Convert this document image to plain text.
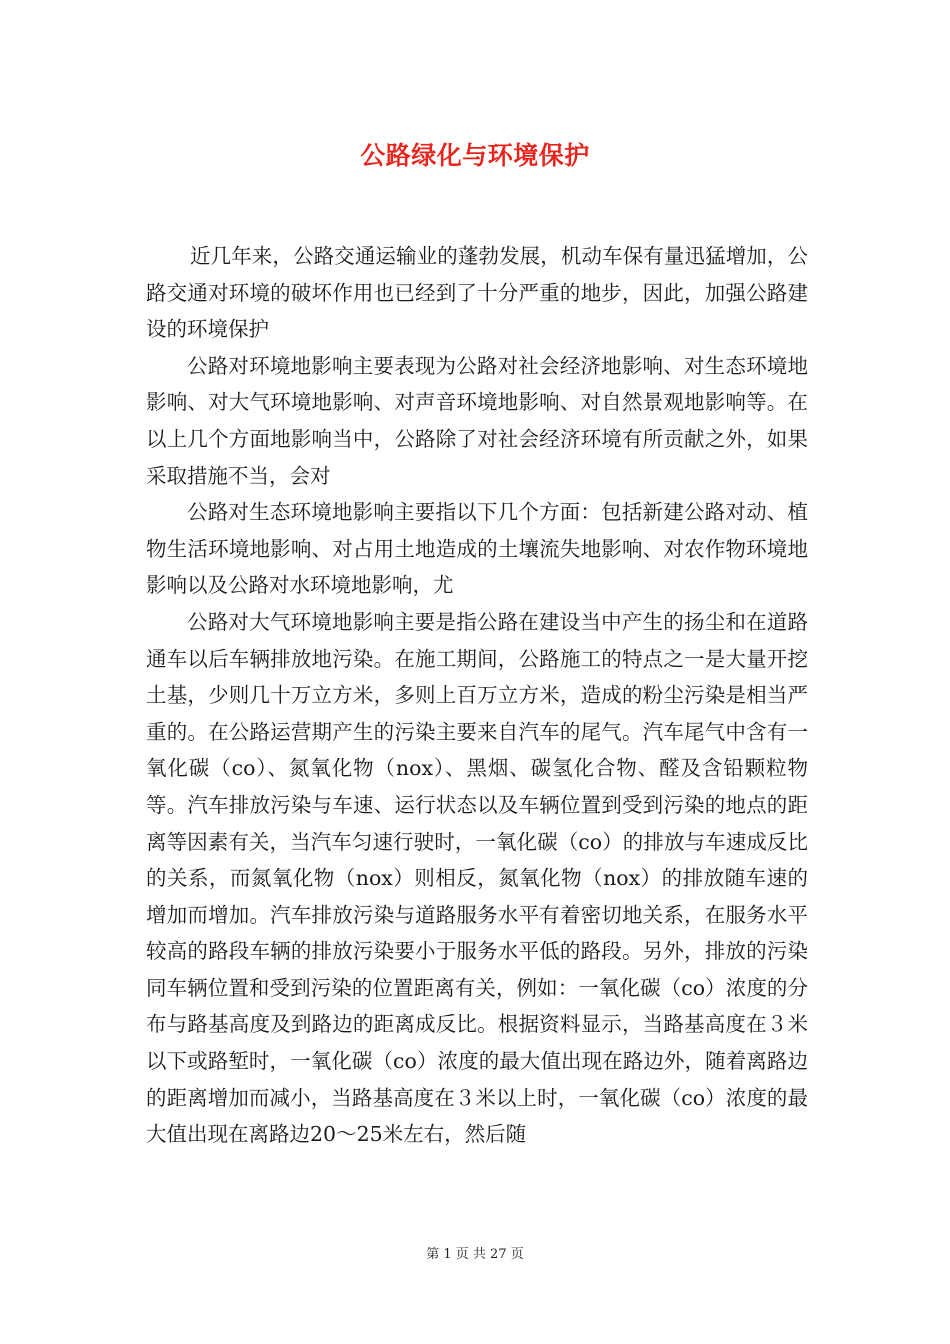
公路绿化与环境保护

近几年来，公路交通运输业的蓬勃发展，机动车保有量迅猛增加，公路交通对环境的破坏作用也已经到了十分严重的地步，因此，加强公路建设的环境保护

公路对环境地影响主要表现为公路对社会经济地影响、对生态环境地影响、对大气环境地影响、对声音环境地影响、对自然景观地影响等。在以上几个方面地影响当中，公路除了对社会经济环境有所贡献之外，如果采取措施不当，会对

公路对生态环境地影响主要指以下几个方面：包括新建公路对动、植物生活环境地影响、对占用土地造成的土壤流失地影响、对农作物环境地影响以及公路对水环境地影响，尤

公路对大气环境地影响主要是指公路在建设当中产生的扬尘和在道路通车以后车辆排放地污染。在施工期间，公路施工的特点之一是大量开挖土基，少则几十万立方米，多则上百万立方米，造成的粉尘污染是相当严重的。在公路运营期产生的污染主要来自汽车的尾气。汽车尾气中含有一氧化碳（co）、氮氧化物（nox）、黑烟、碳氢化合物、醛及含铅颗粒物等。汽车排放污染与车速、运行状态以及车辆位置到受到污染的地点的距离等因素有关，当汽车匀速行驶时，一氧化碳（co）的排放与车速成反比的关系，而氮氧化物（nox）则相反，氮氧化物（nox）的排放随车速的增加而增加。汽车排放污染与道路服务水平有着密切地关系，在服务水平较高的路段车辆的排放污染要小于服务水平低的路段。另外，排放的污染同车辆位置和受到污染的位置距离有关，例如：一氧化碳（co）浓度的分布与路基高度及到路边的距离成反比。根据资料显示，当路基高度在３米以下或路堑时，一氧化碳（co）浓度的最大值出现在路边外，随着离路边的距离增加而减小，当路基高度在３米以上时，一氧化碳（co）浓度的最大值出现在离路边20～25米左右，然后随

第 1 页 共 27 页
